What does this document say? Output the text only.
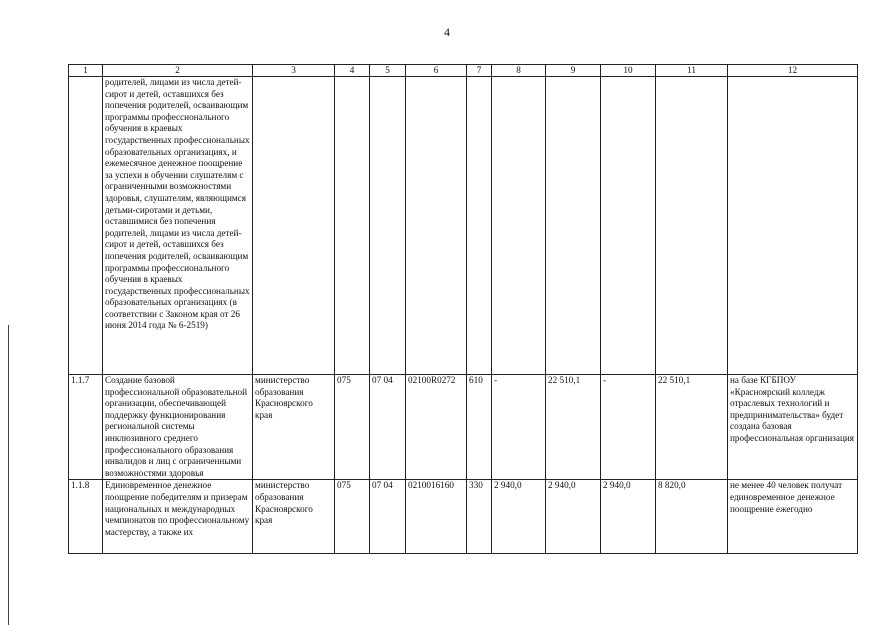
4
1	2	3	4	5	6	7	8	9	10	11	12
	родителей, лицами из числа детей-сирот и детей, оставшихся без попечения родителей, осваивающим программы профессионального обучения в краевых государственных профессиональных образовательных организациях, и ежемесячное денежное поощрение за успехи в обучении слушателям с ограниченными возможностями здоровья, слушателям, являющимся детьми-сиротами и детьми, оставшимися без попечения родителей, лицами из числа детей-сирот и детей, оставшихся без попечения родителей, осваивающим программы профессионального обучения в краевых государственных профессиональных образовательных организациях (в соответствии с Законом края от 26 июня 2014 года № 6-2519)										
1.1.7	Создание базовой профессиональной образовательной организации, обеспечивающей поддержку функционирования региональной системы инклюзивного среднего профессионального образования инвалидов и лиц с ограниченными возможностями здоровья	министерство образования Красноярского края	075	07 04	02100R0272	610	-	22 510,1	-	22 510,1	на базе КГБПОУ «Красноярский колледж отраслевых технологий и предпринимательства» будет создана базовая профессиональная организация
1.1.8	Единовременное денежное поощрение победителям и призерам национальных и международных чемпионатов по профессиональному мастерству, а также их	министерство образования Красноярского края	075	07 04	0210016160	330	2 940,0	2 940,0	2 940,0	8 820,0	не менее 40 человек получат единовременное денежное поощрение ежегодно
